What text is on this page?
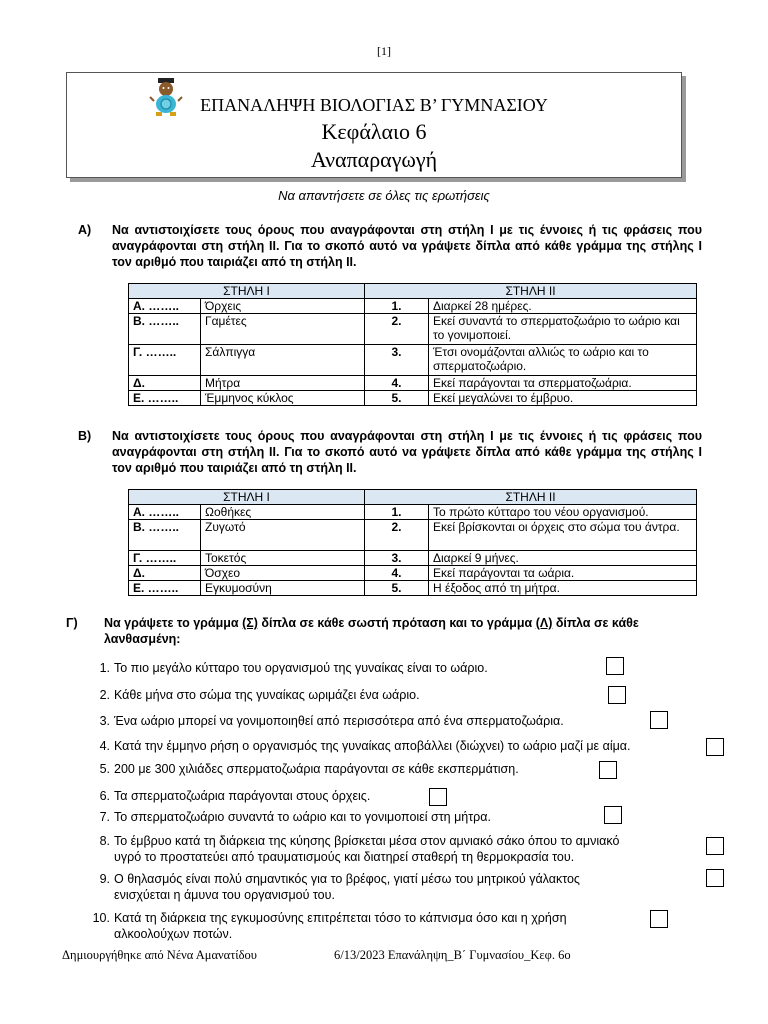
[1]
ΕΠΑΝΑΛΗΨΗ ΒΙΟΛΟΓΙΑΣ Β’ ΓΥΜΝΑΣΙΟΥ
Κεφάλαιο 6
Αναπαραγωγή
Να απαντήσετε σε όλες τις ερωτήσεις
Α) Να αντιστοιχίσετε τους όρους που αναγράφονται στη στήλη Ι με τις έννοιες ή τις φράσεις που αναγράφονται στη στήλη ΙΙ. Για το σκοπό αυτό να γράψετε δίπλα από κάθε γράμμα της στήλης Ι τον αριθμό που ταιριάζει από τη στήλη ΙΙ.
ΣΤΗΛΗ Ι		ΣΤΗΛΗ ΙΙ	
Α. ……..	Όρχεις	1.	Διαρκεί 28 ημέρες.
Β. ……..	Γαμέτες	2.	Εκεί συναντά το σπερματοζωάριο το ωάριο και το γονιμοποιεί.
Γ. ……..	Σάλπιγγα	3.	Έτσι ονομάζονται αλλιώς το ωάριο και το σπερματοζωάριο.
Δ.	Μήτρα	4.	Εκεί παράγονται τα σπερματοζωάρια.
Ε. ……..	Έμμηνος κύκλος	5.	Εκεί μεγαλώνει το έμβρυο.
Β) Να αντιστοιχίσετε τους όρους που αναγράφονται στη στήλη Ι με τις έννοιες ή τις φράσεις που αναγράφονται στη στήλη ΙΙ. Για το σκοπό αυτό να γράψετε δίπλα από κάθε γράμμα της στήλης Ι τον αριθμό που ταιριάζει από τη στήλη ΙΙ.
ΣΤΗΛΗ Ι		ΣΤΗΛΗ ΙΙ	
Α. ……..	Ωοθήκες	1.	Το πρώτο κύτταρο του νέου οργανισμού.
Β. ……..	Ζυγωτό	2.	Εκεί βρίσκονται οι όρχεις στο σώμα του άντρα.
Γ. ……..	Τοκετός	3.	Διαρκεί 9 μήνες.
Δ.	Όσχεο	4.	Εκεί παράγονται τα ωάρια.
Ε. ……..	Εγκυμοσύνη	5.	Η έξοδος από τη μήτρα.
Γ) Να γράψετε το γράμμα (Σ) δίπλα σε κάθε σωστή πρόταση και το γράμμα (Λ) δίπλα σε κάθε λανθασμένη:
1. Το πιο μεγάλο κύτταρο του οργανισμού της γυναίκας είναι το ωάριο.
2. Κάθε μήνα στο σώμα της γυναίκας ωριμάζει ένα ωάριο.
3. Ένα ωάριο μπορεί να γονιμοποιηθεί από περισσότερα από ένα σπερματοζωάρια.
4. Κατά την έμμηνο ρήση ο οργανισμός της γυναίκας αποβάλλει (διώχνει) το ωάριο μαζί με αίμα.
5. 200 με 300 χιλιάδες σπερματοζωάρια παράγονται σε κάθε εκσπερμάτιση.
6. Τα σπερματοζωάρια παράγονται στους όρχεις.
7. Το σπερματοζωάριο συναντά το ωάριο και το γονιμοποιεί στη μήτρα.
8. Το έμβρυο κατά τη διάρκεια της κύησης βρίσκεται μέσα στον αμνιακό σάκο όπου το αμνιακό
υγρό το προστατεύει από τραυματισμούς και διατηρεί σταθερή τη θερμοκρασία του.
9. Ο θηλασμός είναι πολύ σημαντικός για το βρέφος, γιατί μέσω του μητρικού γάλακτος
ενισχύεται η άμυνα του οργανισμού του.
10. Κατά τη διάρκεια της εγκυμοσύνης επιτρέπεται τόσο το κάπνισμα όσο και η χρήση
αλκοολούχων ποτών.
Δημιουργήθηκε από Νένα Αμανατίδου	6/13/2023 Επανάληψη_Β΄ Γυμνασίου_Κεφ. 6ο
